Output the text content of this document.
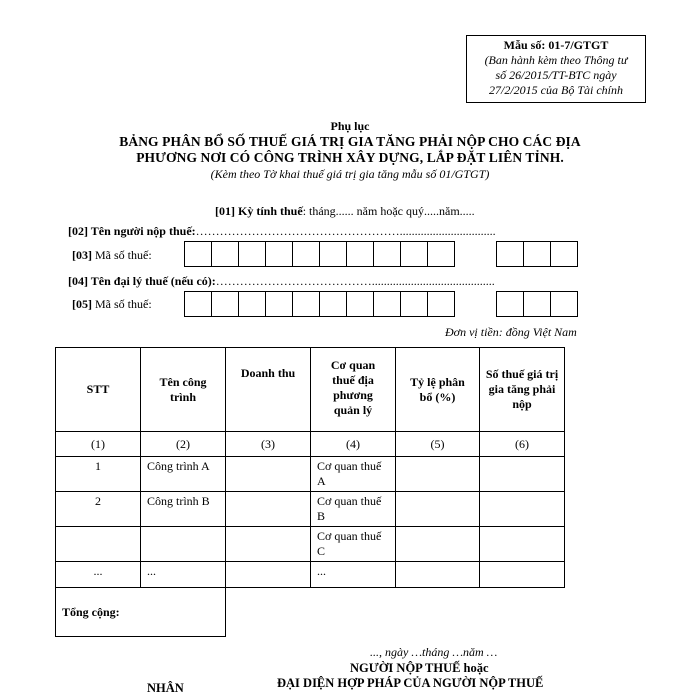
Mẫu số: 01-7/GTGT
(Ban hành kèm theo Thông tư
số 26/2015/TT-BTC ngày
27/2/2015 của Bộ Tài chính
Phụ lục
BẢNG PHÂN BỔ SỐ THUẾ GIÁ TRỊ GIA TĂNG PHẢI NỘP CHO CÁC ĐỊA
PHƯƠNG NƠI CÓ CÔNG TRÌNH XÂY DỰNG, LẮP ĐẶT LIÊN TỈNH.
(Kèm theo Tờ khai thuế giá trị gia tăng mẫu số 01/GTGT)
[01] Kỳ tính thuế: tháng...... năm hoặc quý.....năm.....
[02] Tên người nộp thuế:……………………………………………................................
[03] Mã số thuế:
[04] Tên đại lý thuế (nếu có):………………………………….........................................
[05] Mã số thuế:
Đơn vị tiền: đồng Việt Nam
STT	Tên công trình	Doanh thu	Cơ quan thuế địa phương quản lý	Tỷ lệ phân bổ (%)	Số thuế giá trị gia tăng phải nộp
(1)	(2)	(3)	(4)	(5)	(6)
1	Công trình A		Cơ quan thuế A		
2	Công trình B		Cơ quan thuế B		
			Cơ quan thuế C		
...	...		...		
Tổng cộng:					
..., ngày …tháng …năm …
NGƯỜI NỘP THUẾ hoặc
ĐẠI DIỆN HỢP PHÁP CỦA NGƯỜI NỘP THUẾ
NHÂN
